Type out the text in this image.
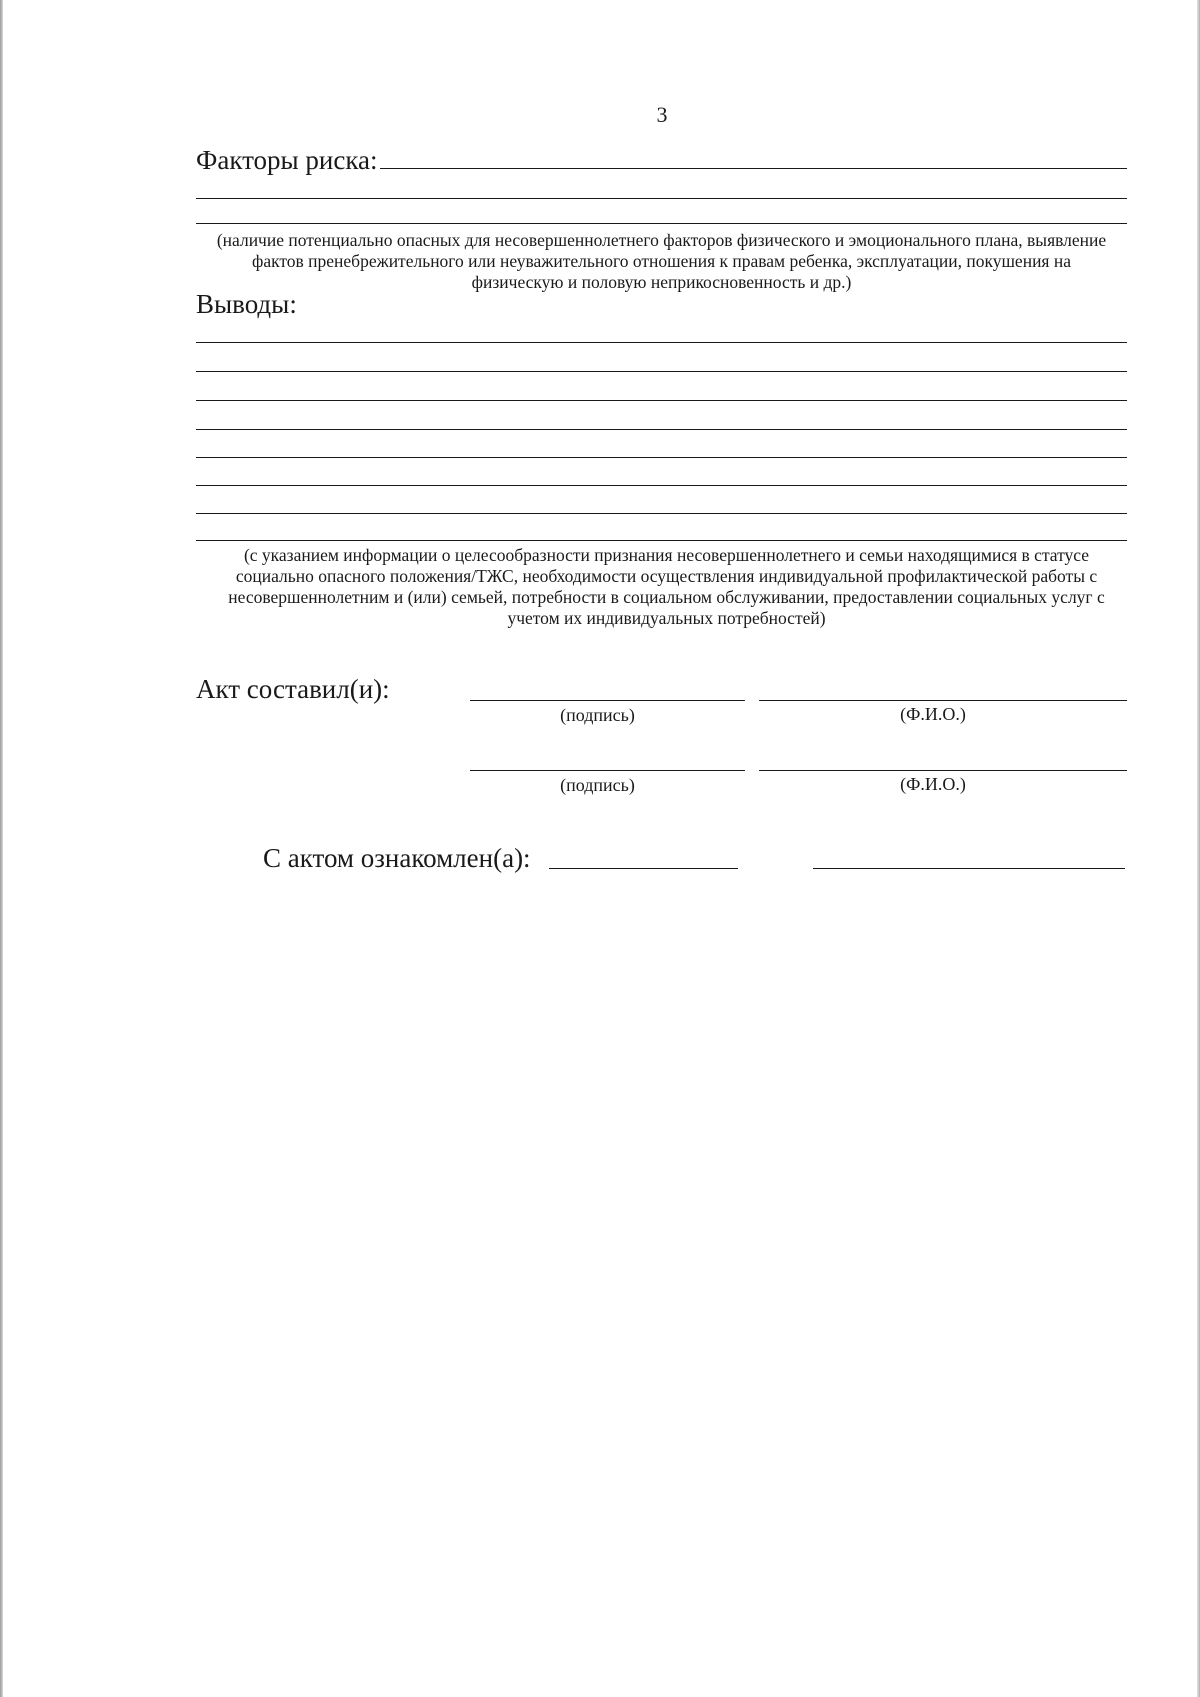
3
Факторы риска:
(наличие потенциально опасных для несовершеннолетнего факторов физического и эмоционального плана, выявление фактов пренебрежительного или неуважительного отношения к правам ребенка, эксплуатации, покушения на физическую и половую неприкосновенность и др.)
Выводы:
(с указанием информации о целесообразности признания несовершеннолетнего и семьи находящимися в статусе социально опасного положения/ТЖС, необходимости осуществления индивидуальной профилактической работы с несовершеннолетним и (или) семьей, потребности в социальном обслуживании, предоставлении социальных услуг с учетом их индивидуальных потребностей)
Акт составил(и):
(подпись)	(Ф.И.О.)
(подпись)	(Ф.И.О.)
С актом ознакомлен(а):
